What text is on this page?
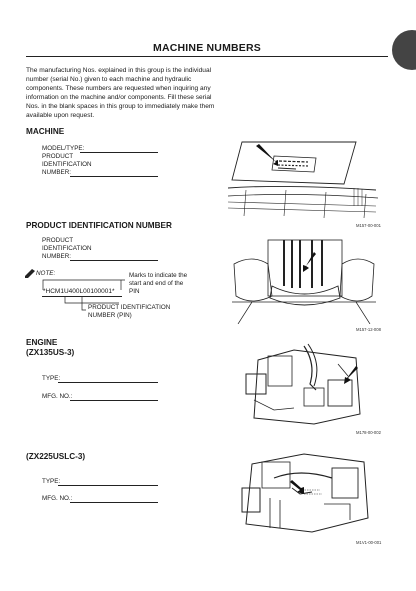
MACHINE NUMBERS
The manufacturing Nos. explained in this group is the individual number (serial No.) given to each machine and hydraulic components. These numbers are requested when inquiring any information on the machine and/or components. Fill these serial Nos. in the blank spaces in this group to immediately make them available upon request.
MACHINE
MODEL/TYPE:
PRODUCT
IDENTIFICATION
NUMBER:
M157-00-001
PRODUCT IDENTIFICATION NUMBER
PRODUCT
IDENTIFICATION
NUMBER:
NOTE:
*HCM1U400L00100001*
Marks to indicate the
start and end of the
PIN
PRODUCT IDENTIFICATION
NUMBER (PIN)
M157-12-008
ENGINE
(ZX135US-3)
TYPE:
MFG. NO.:
M178-00-002
(ZX225USLC-3)
TYPE:
MFG. NO.:
M1V1-00-001
